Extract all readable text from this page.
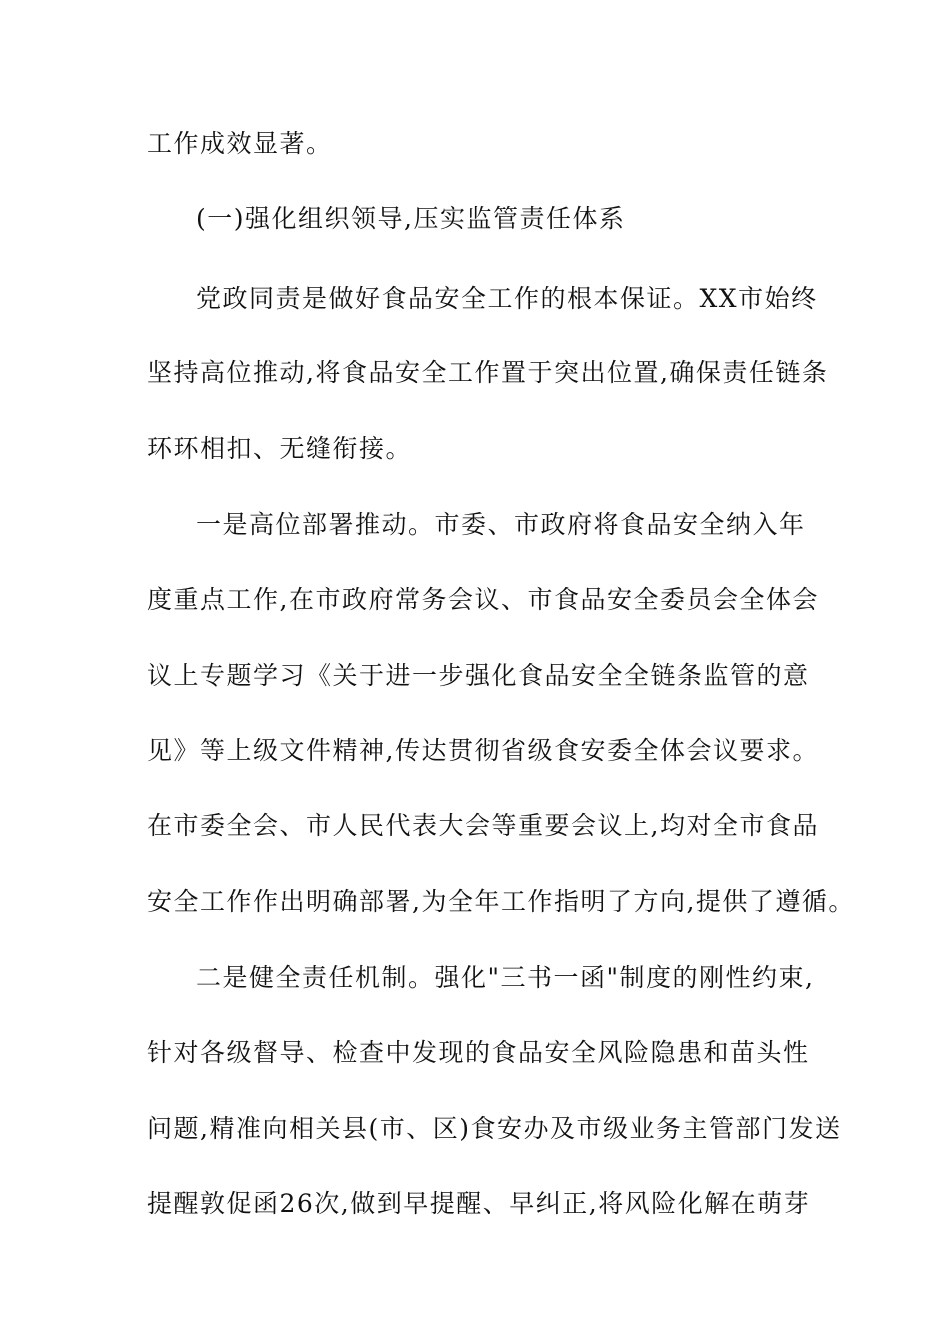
工作成效显著。
(一)强化组织领导,压实监管责任体系
党政同责是做好食品安全工作的根本保证。XX市始终
坚持高位推动,将食品安全工作置于突出位置,确保责任链条
环环相扣、无缝衔接。
一是高位部署推动。市委、市政府将食品安全纳入年
度重点工作,在市政府常务会议、市食品安全委员会全体会
议上专题学习《关于进一步强化食品安全全链条监管的意
见》等上级文件精神,传达贯彻省级食安委全体会议要求。
在市委全会、市人民代表大会等重要会议上,均对全市食品
安全工作作出明确部署,为全年工作指明了方向,提供了遵循。
二是健全责任机制。强化"三书一函"制度的刚性约束,
针对各级督导、检查中发现的食品安全风险隐患和苗头性
问题,精准向相关县(市、区)食安办及市级业务主管部门发送
提醒敦促函26次,做到早提醒、早纠正,将风险化解在萌芽
